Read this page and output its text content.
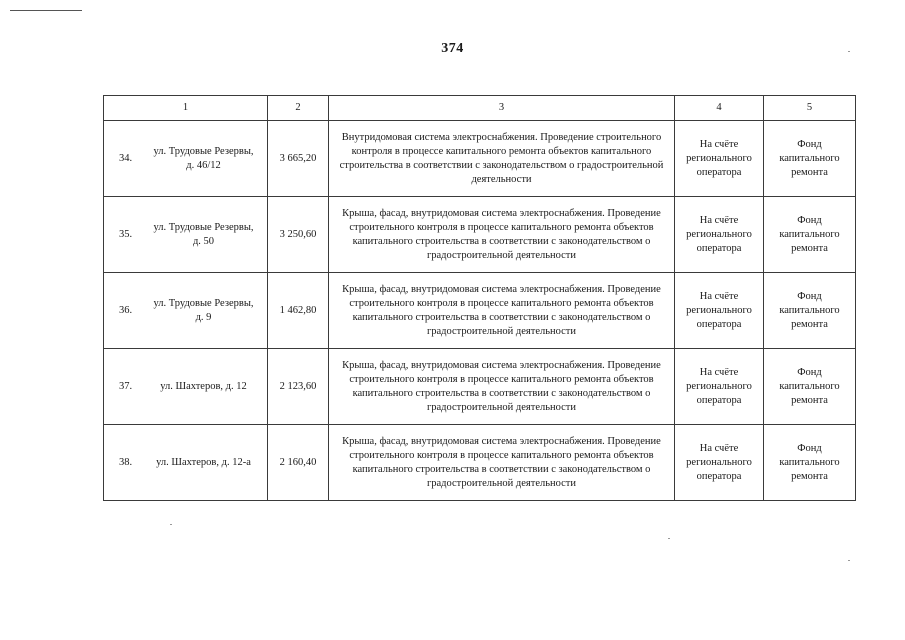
374
1	2	3	4	5

34.
ул. Трудовые Резервы, д. 46/12	3 665,20	Внутридомовая система электроснабжения. Проведение строительного контроля в процессе капитального ремонта объектов капитального строительства в соответствии с законодательством о градостроительной деятельности	На счёте регионального оператора	Фонд капитального ремонта

35.
ул. Трудовые Резервы, д. 50	3 250,60	Крыша, фасад, внутридомовая система электроснабжения. Проведение строительного контроля в процессе капитального ремонта объектов капитального строительства в соответствии с законодательством о градостроительной деятельности	На счёте регионального оператора	Фонд капитального ремонта

36.
ул. Трудовые Резервы, д. 9	1 462,80	Крыша, фасад, внутридомовая система электроснабжения. Проведение строительного контроля в процессе капитального ремонта объектов капитального строительства в соответствии с законодательством о градостроительной деятельности	На счёте регионального оператора	Фонд капитального ремонта

37. ул. Шахтеров, д. 12	2 123,60	Крыша, фасад, внутридомовая система электроснабжения. Проведение строительного контроля в процессе капитального ремонта объектов капитального строительства в соответствии с законодательством о градостроительной деятельности	На счёте регионального оператора	Фонд капитального ремонта

38. ул. Шахтеров, д. 12-а	2 160,40	Крыша, фасад, внутридомовая система электроснабжения. Проведение строительного контроля в процессе капитального ремонта объектов капитального строительства в соответствии с законодательством о градостроительной деятельности	На счёте регионального оператора	Фонд капитального ремонта
